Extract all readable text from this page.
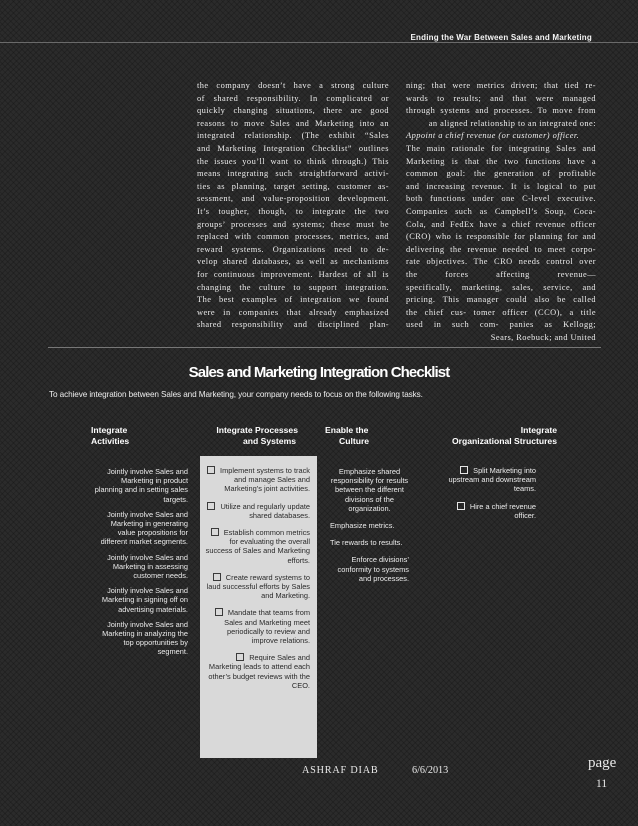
Ending the War Between Sales and Marketing

the company doesn’t have a strong culture

of shared responsibility. In complicated or

quickly changing situations, there are good

reasons to move Sales and Marketing into an

integrated relationship. (The exhibit “Sales

and Marketing Integration Checklist” outlines

the issues you’ll want to think through.) This

means integrating such straightforward activi-

ties as planning, target setting, customer as-

sessment, and value-proposition development.

It’s tougher, though, to integrate the two

groups’ processes and systems; these must be

replaced with common processes, metrics, and

reward systems. Organizations need to de-

velop shared databases, as well as mechanisms

for continuous improvement. Hardest of all is

changing the culture to support integration.

The best examples of integration we found

were in companies that already emphasized

shared responsibility and disciplined plan-

ning; that were metrics driven; that tied re-

wards to results; and that were managed

through systems and processes. To move from

an aligned relationship to an integrated one:

Appoint a chief revenue (or customer) officer.

The main rationale for integrating Sales and

Marketing is that the two functions have a

common goal: the generation of profitable

and increasing revenue. It is logical to put

both functions under one C-level executive.

Companies such as Campbell’s Soup, Coca-

Cola, and FedEx have a chief revenue officer

(CRO) who is responsible for planning for and

delivering the revenue needed to meet corpo-

rate objectives. The CRO needs control over

the forces affecting revenue—

specifically, marketing, sales, service, and

pricing. This manager could also be called

the chief cus- tomer officer (CCO), a title

used in such com- panies as Kellogg;

Sears, Roebuck; and United

Sales and Marketing Integration Checklist
To achieve integration between Sales and Marketing, your company needs to focus on the following tasks.
Integrate
Activities
Integrate Processes
and Systems
Enable the
Culture
Integrate
Organizational Structures
Jointly involve Sales and Marketing in product planning and in setting sales targets.
Jointly involve Sales and Marketing in generating value propositions for different market segments.
Jointly involve Sales and Marketing in assessing customer needs.
Jointly involve Sales and Marketing in signing off on advertising materials.
Jointly involve Sales and Marketing in analyzing the top opportunities by segment.
Implement systems to track and manage Sales and Marketing’s joint activities.
Utilize and regularly update shared databases.
Establish common metrics for evaluating the overall success of Sales and Marketing efforts.
Create reward systems to laud successful efforts by Sales and Marketing.
Mandate that teams from Sales and Marketing meet periodically to review and improve relations.
Require Sales and Marketing leads to attend each other’s budget reviews with the CEO.
Emphasize shared responsibility for results between the different divisions of the organization.
Emphasize metrics.
Tie rewards to results.
Enforce divisions’ conformity to systems and processes.
Split Marketing into upstream and downstream teams.
Hire a chief revenue officer.
ASHRAF DIAB	6/6/2013	page
11
